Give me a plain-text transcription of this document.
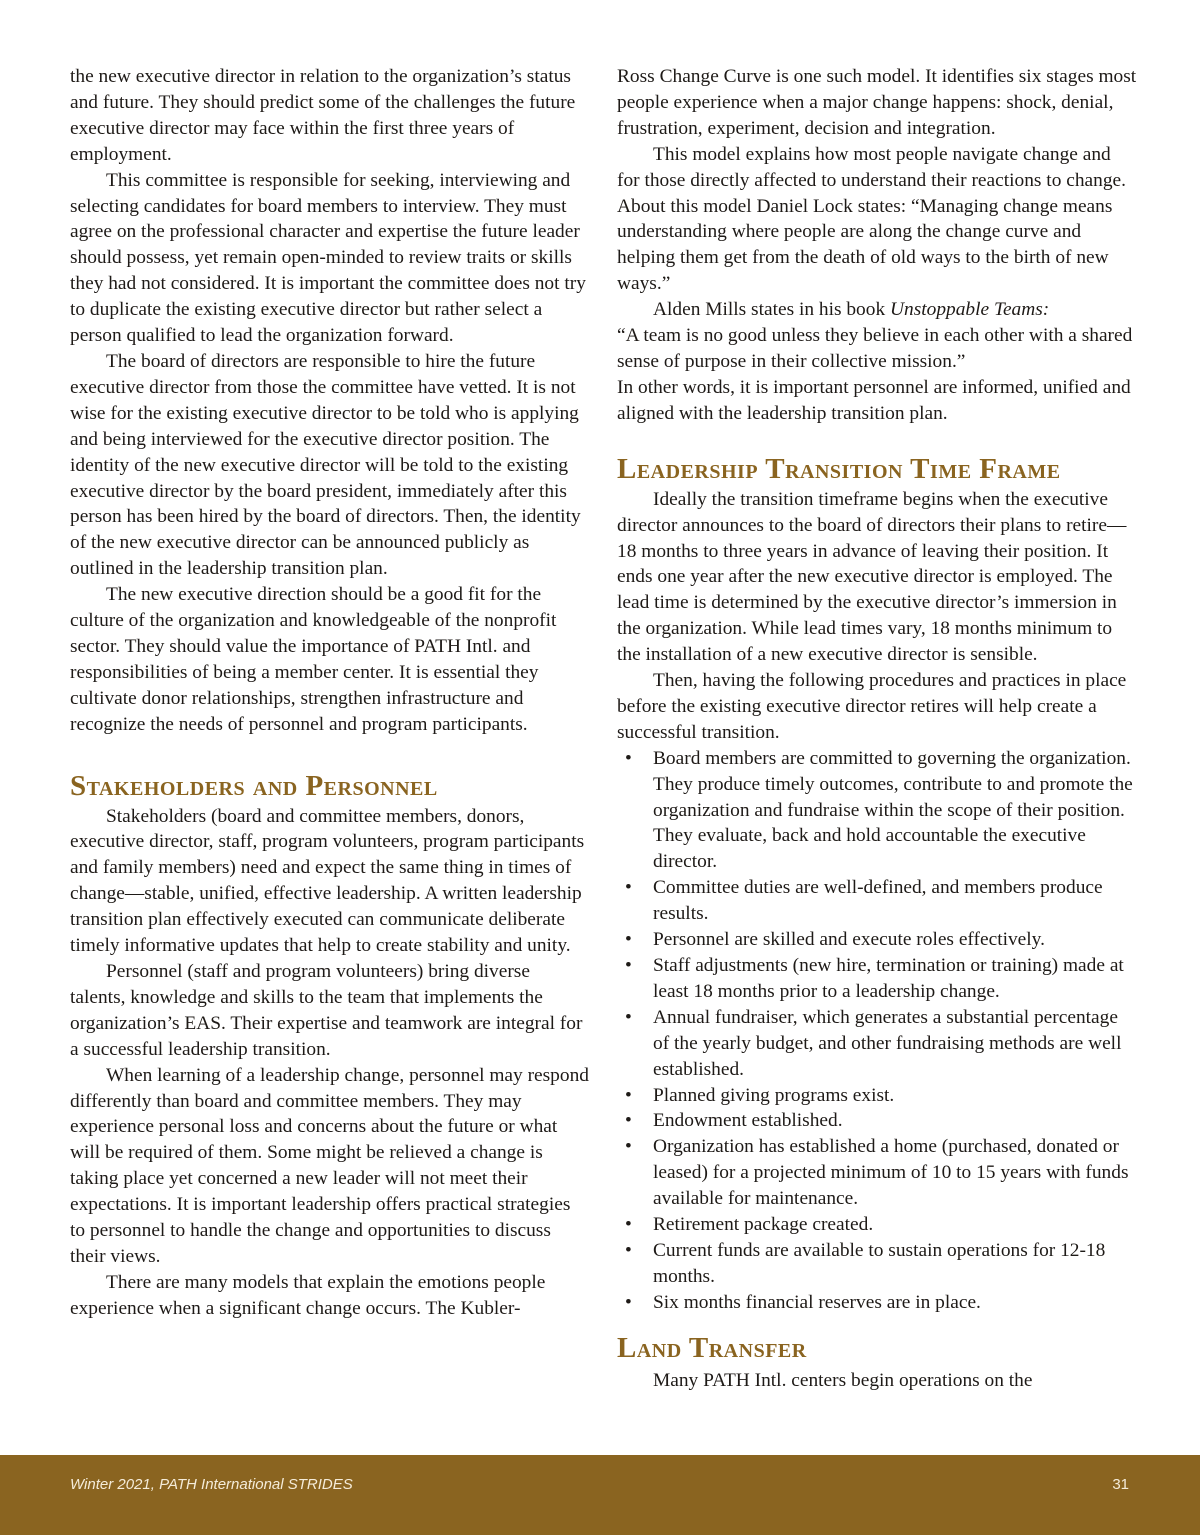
the new executive director in relation to the organization’s status and future. They should predict some of the challenges the future executive director may face within the first three years of employment.

This committee is responsible for seeking, interviewing and selecting candidates for board members to interview. They must agree on the professional character and expertise the future leader should possess, yet remain open-minded to review traits or skills they had not considered. It is important the committee does not try to duplicate the existing executive director but rather select a person qualified to lead the organization forward.

The board of directors are responsible to hire the future executive director from those the committee have vetted. It is not wise for the existing executive director to be told who is applying and being interviewed for the executive director position. The identity of the new executive director will be told to the existing executive director by the board president, immediately after this person has been hired by the board of directors. Then, the identity of the new executive director can be announced publicly as outlined in the leadership transition plan.

The new executive direction should be a good fit for the culture of the organization and knowledgeable of the nonprofit sector. They should value the importance of PATH Intl. and responsibilities of being a member center. It is essential they cultivate donor relationships, strengthen infrastructure and recognize the needs of personnel and program participants.

Stakeholders and Personnel

Stakeholders (board and committee members, donors, executive director, staff, program volunteers, program participants and family members) need and expect the same thing in times of change—stable, unified, effective leadership. A written leadership transition plan effectively executed can communicate deliberate timely informative updates that help to create stability and unity.

Personnel (staff and program volunteers) bring diverse talents, knowledge and skills to the team that implements the organization’s EAS. Their expertise and teamwork are integral for a successful leadership transition.

When learning of a leadership change, personnel may respond differently than board and committee members. They may experience personal loss and concerns about the future or what will be required of them. Some might be relieved a change is taking place yet concerned a new leader will not meet their expectations. It is important leadership offers practical strategies to personnel to handle the change and opportunities to discuss their views.

There are many models that explain the emotions people experience when a significant change occurs. The Kubler-

Ross Change Curve is one such model. It identifies six stages most people experience when a major change happens: shock, denial, frustration, experiment, decision and integration.

This model explains how most people navigate change and for those directly affected to understand their reactions to change. About this model Daniel Lock states: “Managing change means understanding where people are along the change curve and helping them get from the death of old ways to the birth of new ways.”

Alden Mills states in his book Unstoppable Teams:

“A team is no good unless they believe in each other with a shared sense of purpose in their collective mission.”

In other words, it is important personnel are informed, unified and aligned with the leadership transition plan.

Leadership Transition Time Frame

Ideally the transition timeframe begins when the executive director announces to the board of directors their plans to retire—18 months to three years in advance of leaving their position. It ends one year after the new executive director is employed. The lead time is determined by the executive director’s immersion in the organization. While lead times vary, 18 months minimum to the installation of a new executive director is sensible.

Then, having the following procedures and practices in place before the existing executive director retires will help create a successful transition.

• Board members are committed to governing the organization. They produce timely outcomes, contribute to and promote the organization and fundraise within the scope of their position. They evaluate, back and hold accountable the executive director.
• Committee duties are well-defined, and members produce results.
• Personnel are skilled and execute roles effectively.
• Staff adjustments (new hire, termination or training) made at least 18 months prior to a leadership change.
• Annual fundraiser, which generates a substantial percentage of the yearly budget, and other fundraising methods are well established.
• Planned giving programs exist.
• Endowment established.
• Organization has established a home (purchased, donated or leased) for a projected minimum of 10 to 15 years with funds available for maintenance.
• Retirement package created.
• Current funds are available to sustain operations for 12-18 months.
• Six months financial reserves are in place.
Land Transfer

Many PATH Intl. centers begin operations on the

Winter 2021, PATH International STRIDES	31
